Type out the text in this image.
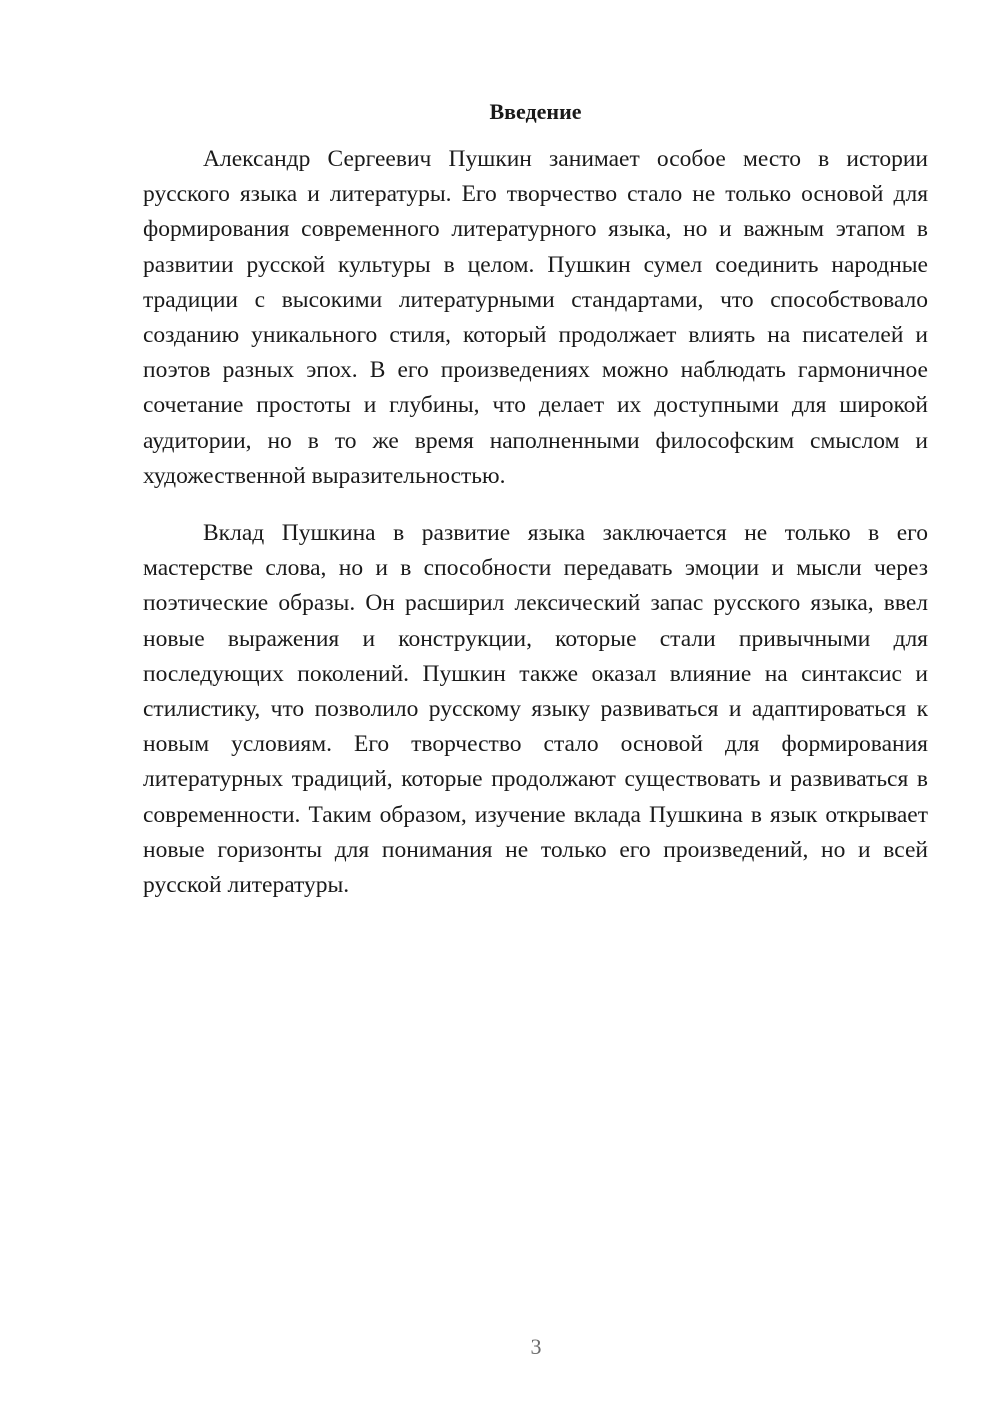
Введение

Александр Сергеевич Пушкин занимает особое место в истории русского языка и литературы. Его творчество стало не только основой для формирования современного литературного языка, но и важным этапом в развитии русской культуры в целом. Пушкин сумел соединить народные традиции с высокими литературными стандартами, что способствовало созданию уникального стиля, который продолжает влиять на писателей и поэтов разных эпох. В его произведениях можно наблюдать гармоничное сочетание простоты и глубины, что делает их доступными для широкой аудитории, но в то же время наполненными философским смыслом и художественной выразительностью.

Вклад Пушкина в развитие языка заключается не только в его мастерстве слова, но и в способности передавать эмоции и мысли через поэтические образы. Он расширил лексический запас русского языка, ввел новые выражения и конструкции, которые стали привычными для последующих поколений. Пушкин также оказал влияние на синтаксис и стилистику, что позволило русскому языку развиваться и адаптироваться к новым условиям. Его творчество стало основой для формирования литературных традиций, которые продолжают существовать и развиваться в современности. Таким образом, изучение вклада Пушкина в язык открывает новые горизонты для понимания не только его произведений, но и всей русской литературы.

3
